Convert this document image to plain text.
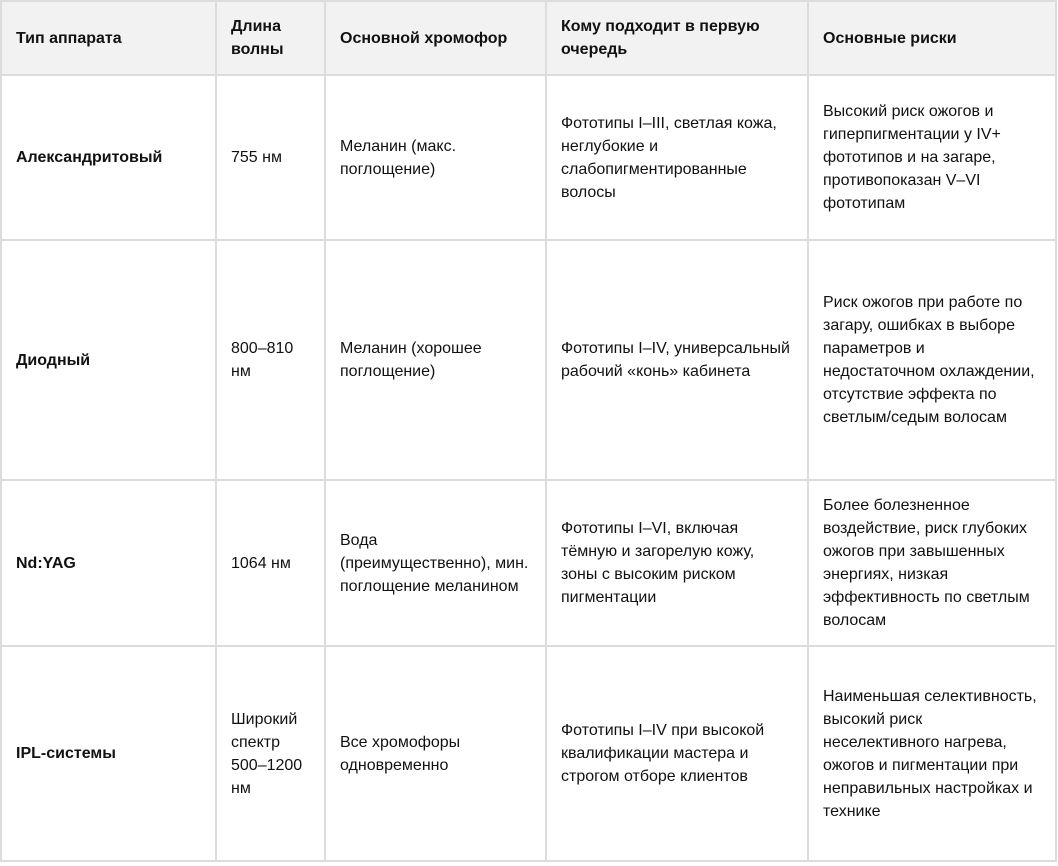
Тип аппарата	Длина волны	Основной хромофор	Кому подходит в первую очередь	Основные риски
Александритовый	755 нм	Меланин (макс. поглощение)	Фототипы I–III, светлая кожа, неглубокие и слабопигментированные волосы	Высокий риск ожогов и гиперпигментации у IV+ фототипов и на загаре, противопоказан V–VI фототипам
Диодный	800–810 нм	Меланин (хорошее поглощение)	Фототипы I–IV, универсальный рабочий «конь» кабинета	Риск ожогов при работе по загару, ошибках в выборе параметров и недостаточном охлаждении, отсутствие эффекта по светлым/седым волосам
Nd:YAG	1064 нм	Вода (преимущественно), мин. поглощение меланином	Фототипы I–VI, включая тёмную и загорелую кожу, зоны с высоким риском пигментации	Более болезненное воздействие, риск глубоких ожогов при завышенных энергиях, низкая эффективность по светлым волосам
IPL-системы	Широкий спектр 500–1200 нм	Все хромофоры одновременно	Фототипы I–IV при высокой квалификации мастера и строгом отборе клиентов	Наименьшая селективность, высокий риск неселективного нагрева, ожогов и пигментации при неправильных настройках и технике
